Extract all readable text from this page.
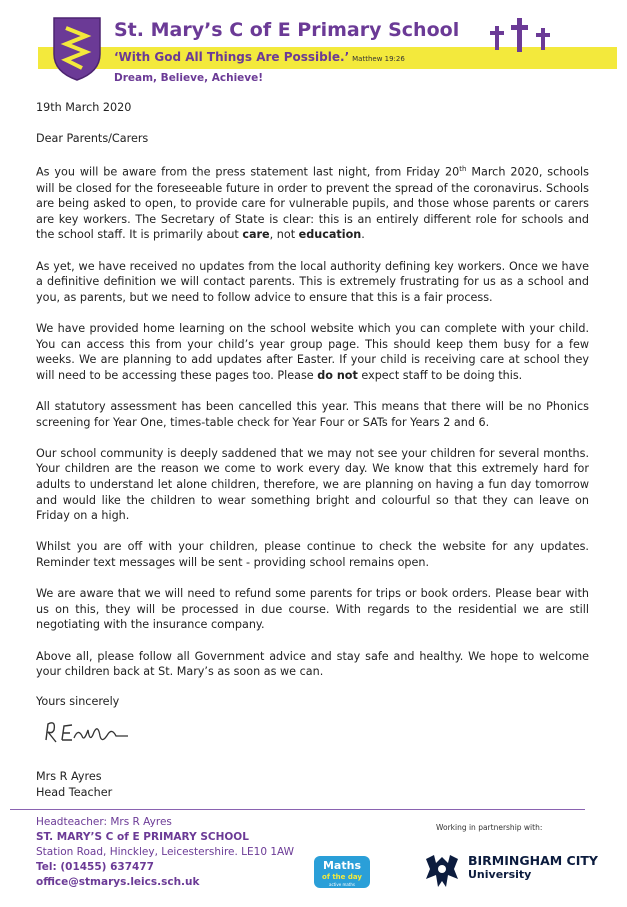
St. Mary’s C of E Primary School
‘With God All Things Are Possible.’ Matthew 19:26
Dream, Believe, Achieve!

19th March 2020

Dear Parents/Carers

As you will be aware from the press statement last night, from Friday 20th March 2020, schools will be closed for the foreseeable future in order to prevent the spread of the coronavirus. Schools are being asked to open, to provide care for vulnerable pupils, and those whose parents or carers are key workers. The Secretary of State is clear: this is an entirely different role for schools and the school staff. It is primarily about care, not education.

As yet, we have received no updates from the local authority defining key workers. Once we have a definitive definition we will contact parents. This is extremely frustrating for us as a school and you, as parents, but we need to follow advice to ensure that this is a fair process.

We have provided home learning on the school website which you can complete with your child. You can access this from your child’s year group page. This should keep them busy for a few weeks. We are planning to add updates after Easter. If your child is receiving care at school they will need to be accessing these pages too. Please do not expect staff to be doing this.

All statutory assessment has been cancelled this year. This means that there will be no Phonics screening for Year One, times-table check for Year Four or SATs for Years 2 and 6.

Our school community is deeply saddened that we may not see your children for several months. Your children are the reason we come to work every day. We know that this extremely hard for adults to understand let alone children, therefore, we are planning on having a fun day tomorrow and would like the children to wear something bright and colourful so that they can leave on Friday on a high.

Whilst you are off with your children, please continue to check the website for any updates. Reminder text messages will be sent - providing school remains open.

We are aware that we will need to refund some parents for trips or book orders. Please bear with us on this, they will be processed in due course. With regards to the residential we are still negotiating with the insurance company.

Above all, please follow all Government advice and stay safe and healthy. We hope to welcome your children back at St. Mary’s as soon as we can.

Yours sincerely
Mrs R Ayres
Head Teacher
Headteacher: Mrs R Ayres
ST. MARY’S C of E PRIMARY SCHOOL
Station Road, Hinckley, Leicestershire. LE10 1AW
Tel: (01455) 637477
office@stmarys.leics.sch.uk
Working in partnership with:
Maths
of the day
active maths
BIRMINGHAM CITY
University
